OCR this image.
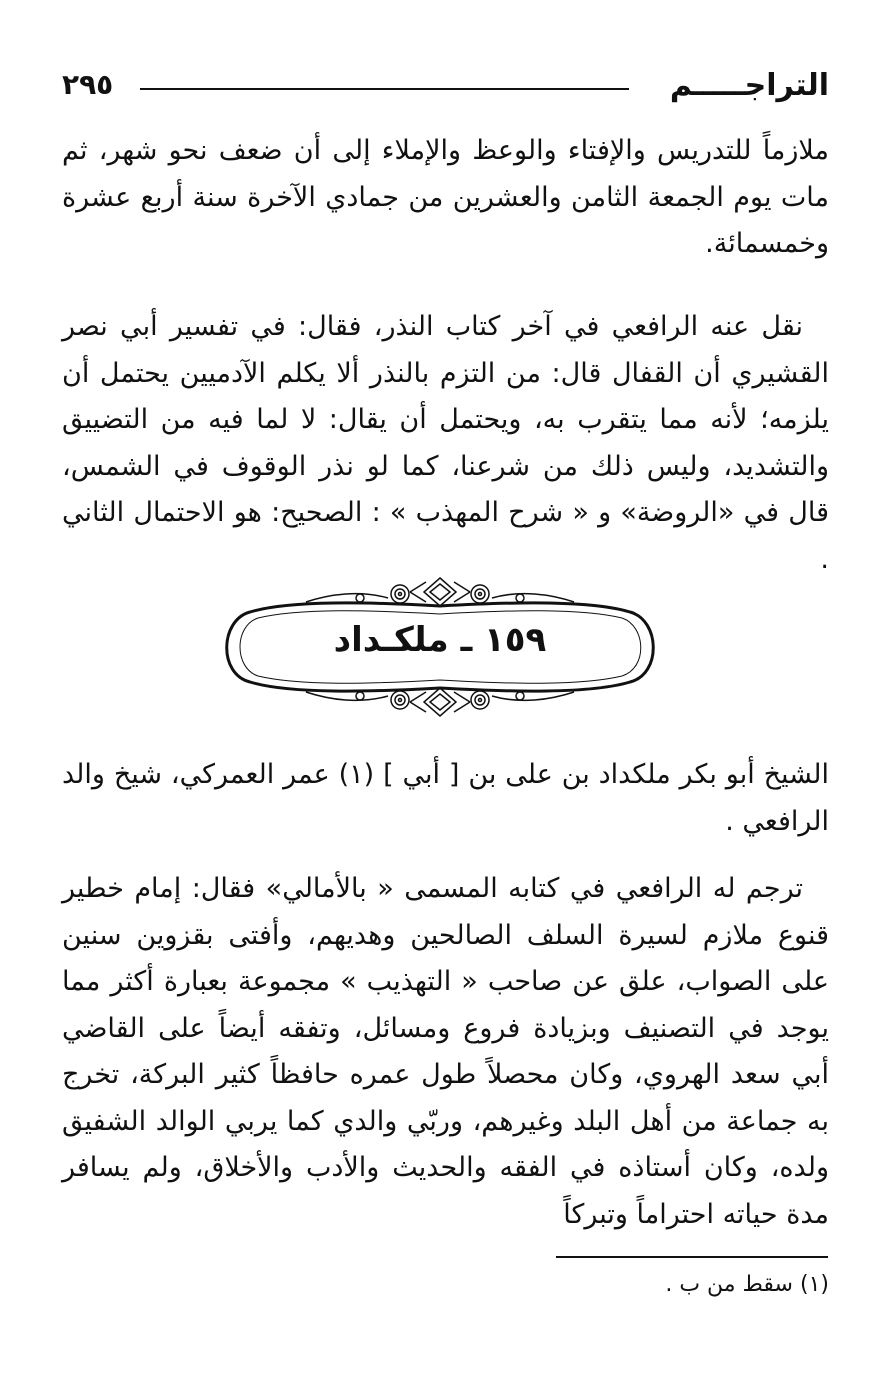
التراجـــــم
٢٩٥

ملازماً للتدريس والإفتاء والوعظ والإملاء إلى أن ضعف نحو شهر، ثم مات يوم الجمعة الثامن والعشرين من جمادي الآخرة سنة أربع عشرة وخمسمائة.

نقل عنه الرافعي في آخر كتاب النذر، فقال: في تفسير أبي نصر القشيري أن القفال قال: من التزم بالنذر ألا يكلم الآدميين يحتمل أن يلزمه؛ لأنه مما يتقرب به، ويحتمل أن يقال: لا لما فيه من التضييق والتشديد، وليس ذلك من شرعنا، كما لو نذر الوقوف في الشمس، قال في «الروضة» و « شرح المهذب » : الصحيح: هو الاحتمال الثاني .

١٥٩ ـ ملكـداد

الشيخ أبو بكر ملكداد بن على بن [ أبي ] (١) عمر العمركي، شيخ والد الرافعي .

ترجم له الرافعي في كتابه المسمى « بالأمالي» فقال: إمام خطير قنوع ملازم لسيرة السلف الصالحين وهديهم، وأفتى بقزوين سنين على الصواب، علق عن صاحب « التهذيب » مجموعة بعبارة أكثر مما يوجد في التصنيف وبزيادة فروع ومسائل، وتفقه أيضاً على القاضي أبي سعد الهروي، وكان محصلاً طول عمره حافظاً كثير البركة، تخرج به جماعة من أهل البلد وغيرهم، وربّي والدي كما يربي الوالد الشفيق ولده، وكان أستاذه في الفقه والحديث والأدب والأخلاق، ولم يسافر مدة حياته احتراماً وتبركاً

(١) سقط من ب .
